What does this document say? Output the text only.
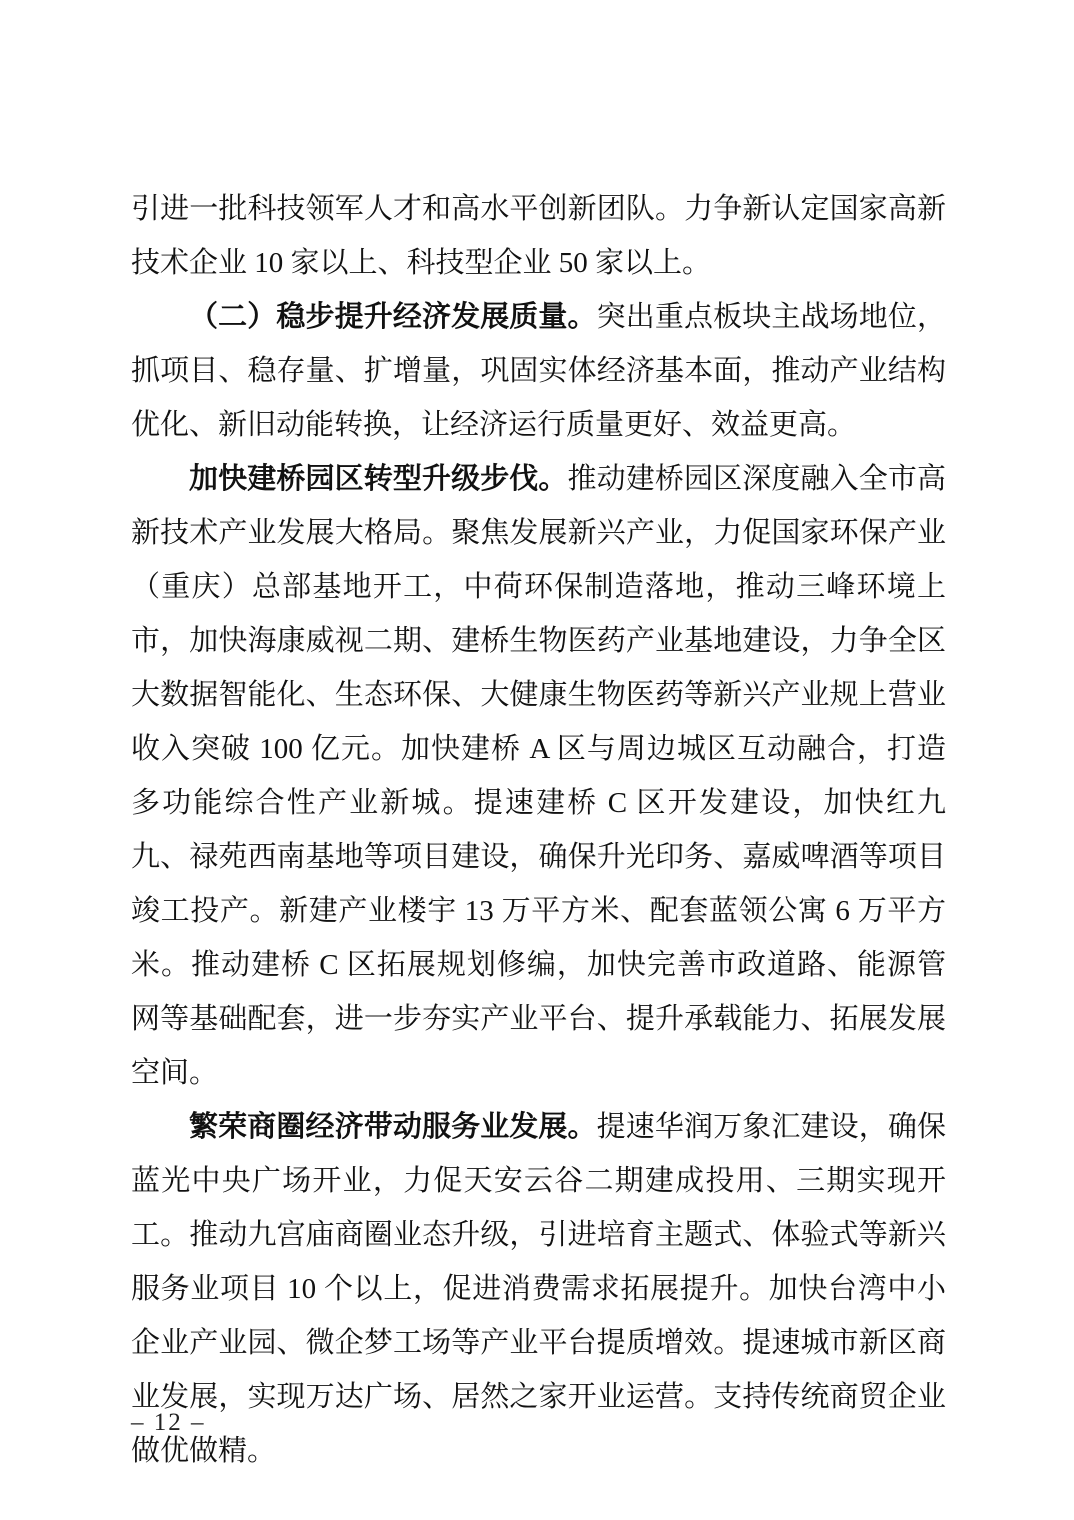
引进一批科技领军人才和高水平创新团队。力争新认定国家高新技术企业 10 家以上、科技型企业 50 家以上。

（二）稳步提升经济发展质量。突出重点板块主战场地位，抓项目、稳存量、扩增量，巩固实体经济基本面，推动产业结构优化、新旧动能转换，让经济运行质量更好、效益更高。

加快建桥园区转型升级步伐。推动建桥园区深度融入全市高新技术产业发展大格局。聚焦发展新兴产业，力促国家环保产业（重庆）总部基地开工，中荷环保制造落地，推动三峰环境上市，加快海康威视二期、建桥生物医药产业基地建设，力争全区大数据智能化、生态环保、大健康生物医药等新兴产业规上营业收入突破 100 亿元。加快建桥 A 区与周边城区互动融合，打造多功能综合性产业新城。提速建桥 C 区开发建设，加快红九九、禄苑西南基地等项目建设，确保升光印务、嘉威啤酒等项目竣工投产。新建产业楼宇 13 万平方米、配套蓝领公寓 6 万平方米。推动建桥 C 区拓展规划修编，加快完善市政道路、能源管网等基础配套，进一步夯实产业平台、提升承载能力、拓展发展空间。

繁荣商圈经济带动服务业发展。提速华润万象汇建设，确保蓝光中央广场开业，力促天安云谷二期建成投用、三期实现开工。推动九宫庙商圈业态升级，引进培育主题式、体验式等新兴服务业项目 10 个以上，促进消费需求拓展提升。加快台湾中小企业产业园、微企梦工场等产业平台提质增效。提速城市新区商业发展，实现万达广场、居然之家开业运营。支持传统商贸企业做优做精。

– 12 –
